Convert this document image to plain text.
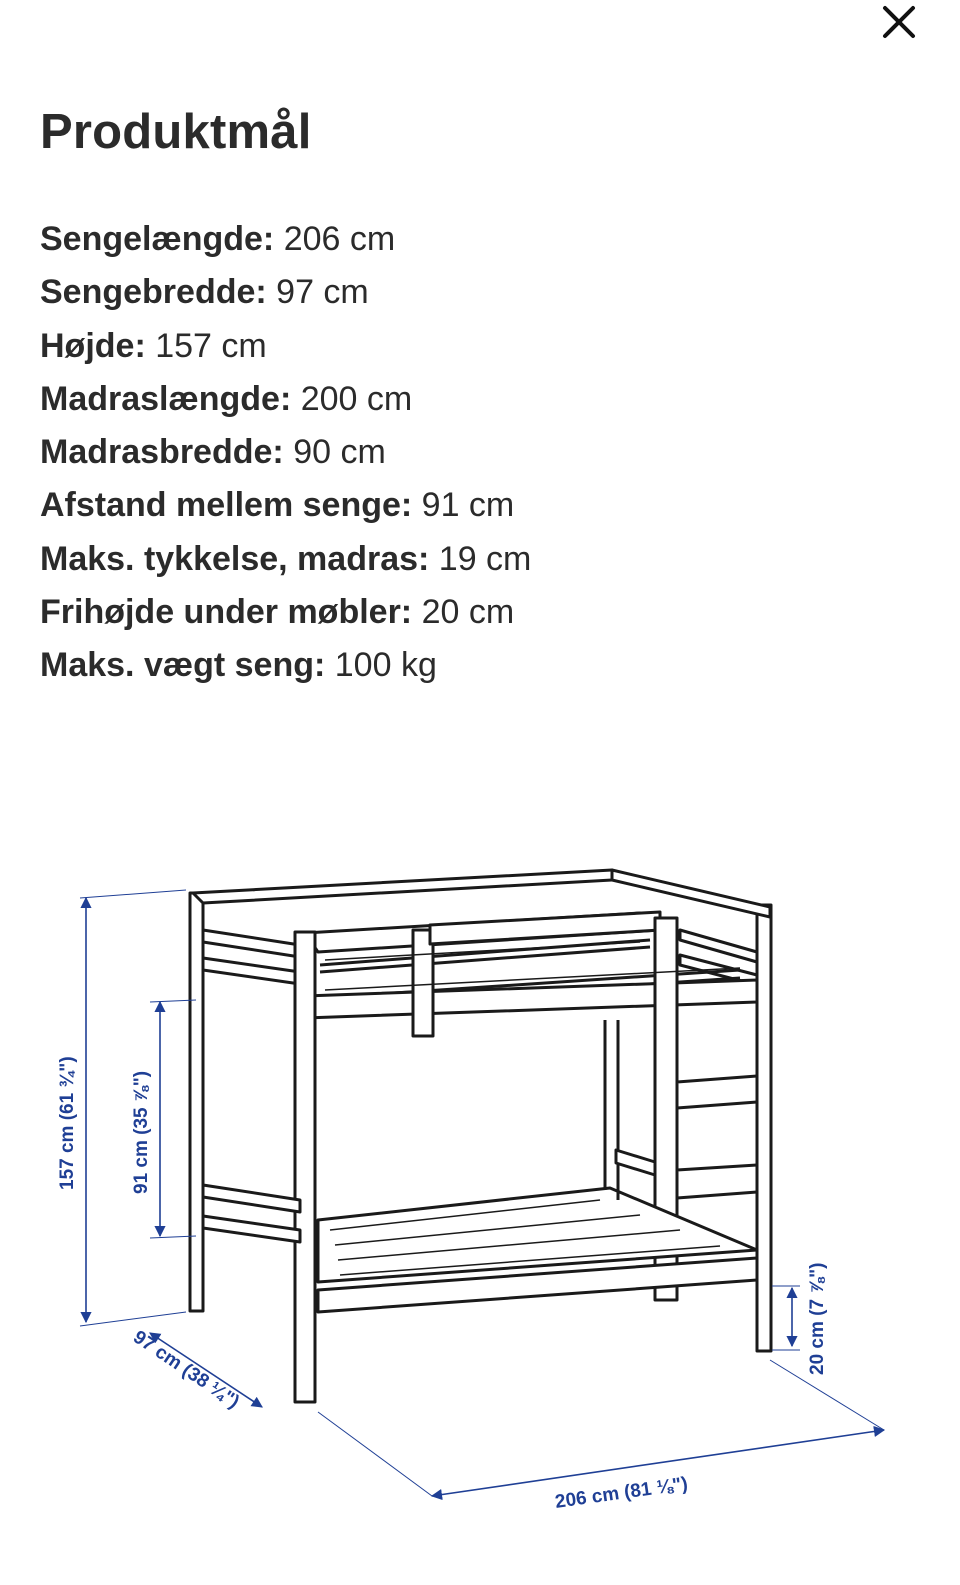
Produktmål
Sengelængde: 206 cm
Sengebredde: 97 cm
Højde: 157 cm
Madraslængde: 200 cm
Madrasbredde: 90 cm
Afstand mellem senge: 91 cm
Maks. tykkelse, madras: 19 cm
Frihøjde under møbler: 20 cm
Maks. vægt seng: 100 kg
157 cm (61 ¾")	91 cm (35 ⅞")
97 cm (38 ¼")
206 cm (81 ⅛")
20 cm (7 ⅞")
